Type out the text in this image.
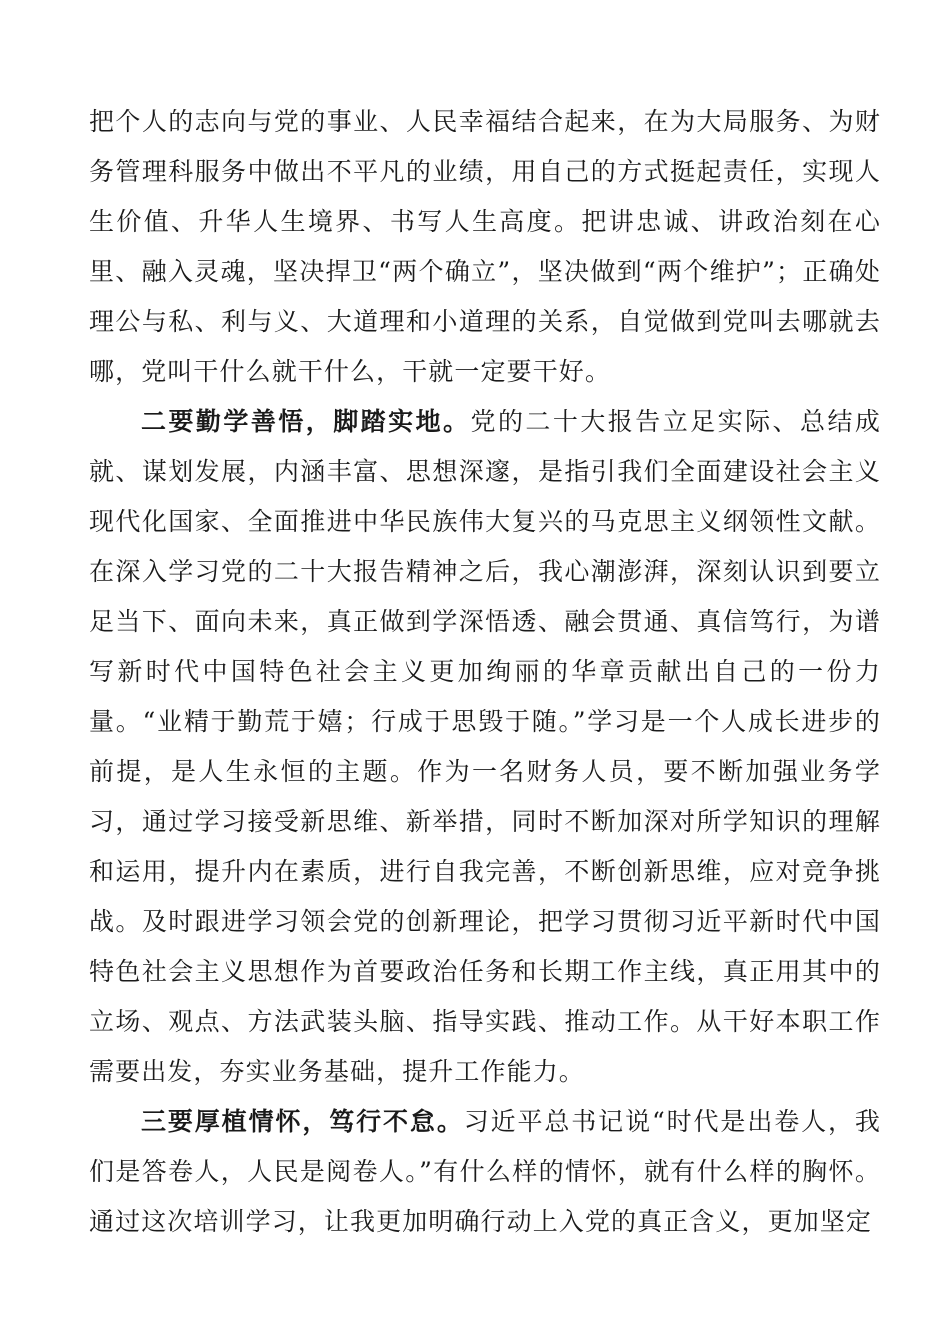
把个人的志向与党的事业、人民幸福结合起来，在为大局服务、为财务管理科服务中做出不平凡的业绩，用自己的方式挺起责任，实现人生价值、升华人生境界、书写人生高度。把讲忠诚、讲政治刻在心里、融入灵魂，坚决捍卫“两个确立”，坚决做到“两个维护”；正确处理公与私、利与义、大道理和小道理的关系，自觉做到党叫去哪就去哪，党叫干什么就干什么，干就一定要干好。

二要勤学善悟，脚踏实地。党的二十大报告立足实际、总结成就、谋划发展，内涵丰富、思想深邃，是指引我们全面建设社会主义现代化国家、全面推进中华民族伟大复兴的马克思主义纲领性文献。在深入学习党的二十大报告精神之后，我心潮澎湃，深刻认识到要立足当下、面向未来，真正做到学深悟透、融会贯通、真信笃行，为谱写新时代中国特色社会主义更加绚丽的华章贡献出自己的一份力量。“业精于勤荒于嬉；行成于思毁于随。”学习是一个人成长进步的前提，是人生永恒的主题。作为一名财务人员，要不断加强业务学习，通过学习接受新思维、新举措，同时不断加深对所学知识的理解和运用，提升内在素质，进行自我完善，不断创新思维，应对竞争挑战。及时跟进学习领会党的创新理论，把学习贯彻习近平新时代中国特色社会主义思想作为首要政治任务和长期工作主线，真正用其中的立场、观点、方法武装头脑、指导实践、推动工作。从干好本职工作需要出发，夯实业务基础，提升工作能力。

三要厚植情怀，笃行不怠。习近平总书记说“时代是出卷人，我们是答卷人，人民是阅卷人。”有什么样的情怀，就有什么样的胸怀。通过这次培训学习，让我更加明确行动上入党的真正含义，更加坚定
